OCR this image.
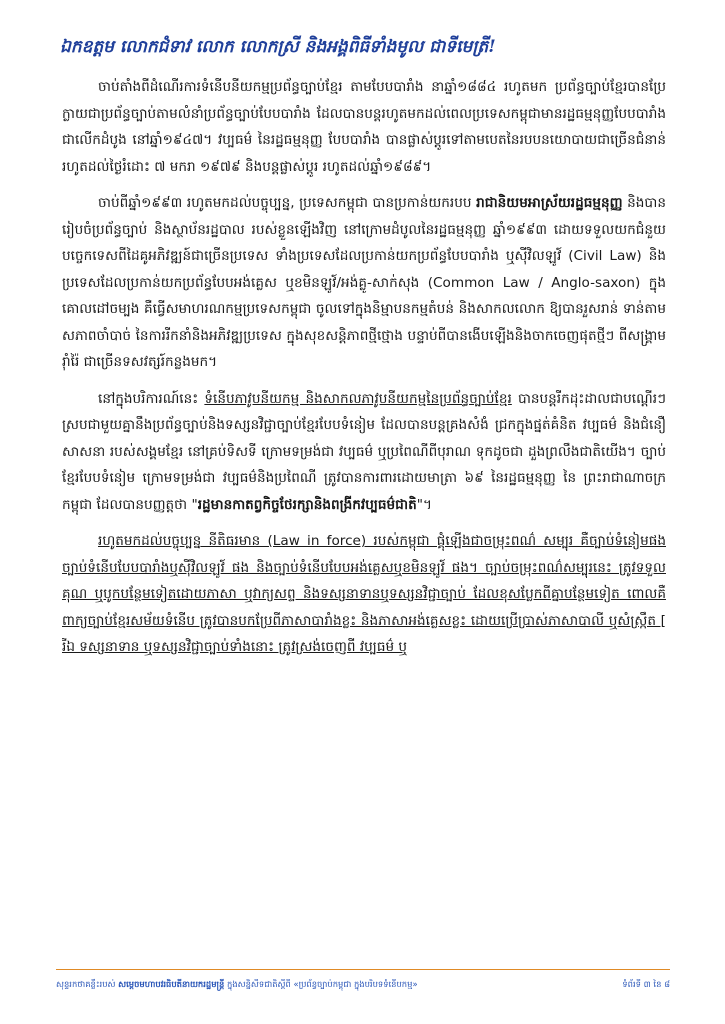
ឯកឧត្តម លោកជំទាវ លោក លោកស្រី និងអង្គពិធីទាំងមូល ជាទីមេត្រី!

ចាប់តាំងពីដំណើរការទំនើបនីយកម្មប្រព័ន្ធច្បាប់ខ្មែរ តាមបែបបារាំង នាឆ្នាំ១៨៨៤ រហូតមក ប្រព័ន្ធច្បាប់ខ្មែរបានប្រែក្លាយជាប្រព័ន្ធច្បាប់តាមលំនាំប្រព័ន្ធច្បាប់បែបបារាំង ដែលបានបន្តរហូតមកដល់ពេលប្រទេសកម្ពុជាមានរដ្ឋធម្មនុញ្ញបែបបារាំងជាលើកដំបូង នៅឆ្នាំ១៩៤៧។ វប្បធម៌ នៃរដ្ឋធម្មនុញ្ញ បែបបារាំង បានផ្លាស់ប្តូរទៅតាមបេតនៃរបបនយោបាយជាច្រើនជំនាន់ រហូតដល់ថ្ងៃរំដោះ ៧ មករា ១៩៧៩ និងបន្តផ្លាស់ប្តូរ រហូតដល់ឆ្នាំ១៩៨៩។

ចាប់ពីឆ្នាំ១៩៩៣ រហូតមកដល់បច្ចុប្បន្ន, ប្រទេសកម្ពុជា បានប្រកាន់យករបប រាជានិយមអាស្រ័យរដ្ឋធម្មនុញ្ញ និងបានរៀបចំប្រព័ន្ធច្បាប់ និងស្ថាប័នរដ្ឋបាល របស់ខ្លួនឡើងវិញ នៅក្រោមដំបូលនៃរដ្ឋធម្មនុញ្ញ ឆ្នាំ១៩៩៣ ដោយទទួលយកជំនួយបច្ចេកទេសពីដៃគូអភិវឌ្ឍន៍ជាច្រើនប្រទេស ទាំងប្រទេសដែលប្រកាន់យកប្រព័ន្ធបែបបារាំង ឬស៊ីវិលឡូវ៍ (Civil Law) និងប្រទេសដែលប្រកាន់យកប្រព័ន្ធបែបអង់គ្លេស ឬខមិនឡូវ៍/អង់គ្លូ-សាក់សុង (Common Law / Anglo-saxon) ក្នុងគោលដៅចម្បង គឺធ្វើសមាហរណកម្មប្រទេសកម្ពុជា ចូលទៅក្នុងនិម្មាបនកម្មតំបន់ និងសាកលលោក ឱ្យបានរួសរាន់ ទាន់តាមសភាពចាំបាច់ នៃការរីកនាំនិងអភិវឌ្ឍប្រទេស ក្នុងសុខសន្តិភាពថ្មីថ្មោង បន្ទាប់ពីបានងើបឡើងនិងចាកចេញផុតថ្មីៗ ពីសង្គ្រាមរ៉ាំរ៉ៃ ជាច្រើនទសវត្សរ៍កន្លងមក។

នៅក្នុងបរិការណ៍នេះ ទំនើបភាវូបនីយកម្ម និងសាកលភាវូបនីយកម្មនៃប្រព័ន្ធច្បាប់ខ្មែរ បានបន្តរីកដុះដាលជាបណ្ដើរៗ ស្របជាមួយគ្នានឹងប្រព័ន្ធច្បាប់និងទស្សនវិជ្ជាច្បាប់ខ្មែរបែបទំនៀម ដែលបានបន្តគ្រងសំងំ ជ្រកក្នុងផ្នត់គំនិត វប្បធម៌ និងជំនឿសាសនា របស់សង្គមខ្មែរ នៅគ្រប់ទិសទី ក្រោមទម្រង់ជា វប្បធម៌ ឬប្រពៃណីពីបុរាណ ទុកដូចជា ដួងព្រលឹងជាតិយើង។ ច្បាប់ខ្មែរបែបទំនៀម ក្រោមទម្រង់ជា វប្បធម៌និងប្រពៃណី ត្រូវបានការពារដោយមាត្រា ៦៩ នៃរដ្ឋធម្មនុញ្ញ នៃ ព្រះរាជាណាចក្រកម្ពុជា ដែលបានបញ្ញត្តថា "រដ្ឋមានកាតព្វកិច្ចថែរក្សានិងពង្រីកវប្បធម៌ជាតិ"។

រហូតមកដល់បច្ចុប្បន្ន នីតិធរមាន (Law in force) របស់កម្ពុជា ផ្គុំឡើងជាចម្រុះពណ៌ សម្បុរ គឺច្បាប់ទំនៀមផង ច្បាប់ទំនើបបែបបារាំងឬស៊ីវិលឡូវ៍ ផង និងច្បាប់ទំនើបបែបអង់គ្លេសឬខមិនឡូវ៍ ផង។ ច្បាប់ចម្រុះពណ៌សម្បុរនេះ ត្រូវទទួលគុណ ឬបូកបន្ថែមទៀតដោយភាសា ឬវាក្យសព្ទ និងទស្សនាទានឬទស្សនវិជ្ជាច្បាប់ ដែលខុសប្លែកពីគ្នាបន្ថែមទៀត ពោលគឺពាក្យច្បាប់ខ្មែរសម័យទំនើប ត្រូវបានបកប្រែពីភាសាបារាំងខ្លះ និងភាសាអង់គ្លេសខ្លះ ដោយប្រើប្រាស់ភាសាបាលី ឬសំស្ក្រឹត [ រីឯ ទស្សនាទាន ឬទស្សនវិជ្ជាច្បាប់ទាំងនោះ ត្រូវស្រង់ចេញពី វប្បធម៌ ឬ

សុន្ទរកថាគន្លឹះរបស់ សម្ដេចមហាបវរធិបតីនាយករដ្ឋមន្ត្រី ក្នុងសន្និសីទជាតិស្តីពី «ប្រព័ន្ធច្បាប់កម្ពុជា ក្នុងបរិបទទំនើបកម្ម»	ទំព័រទី ៣ នៃ ៨
